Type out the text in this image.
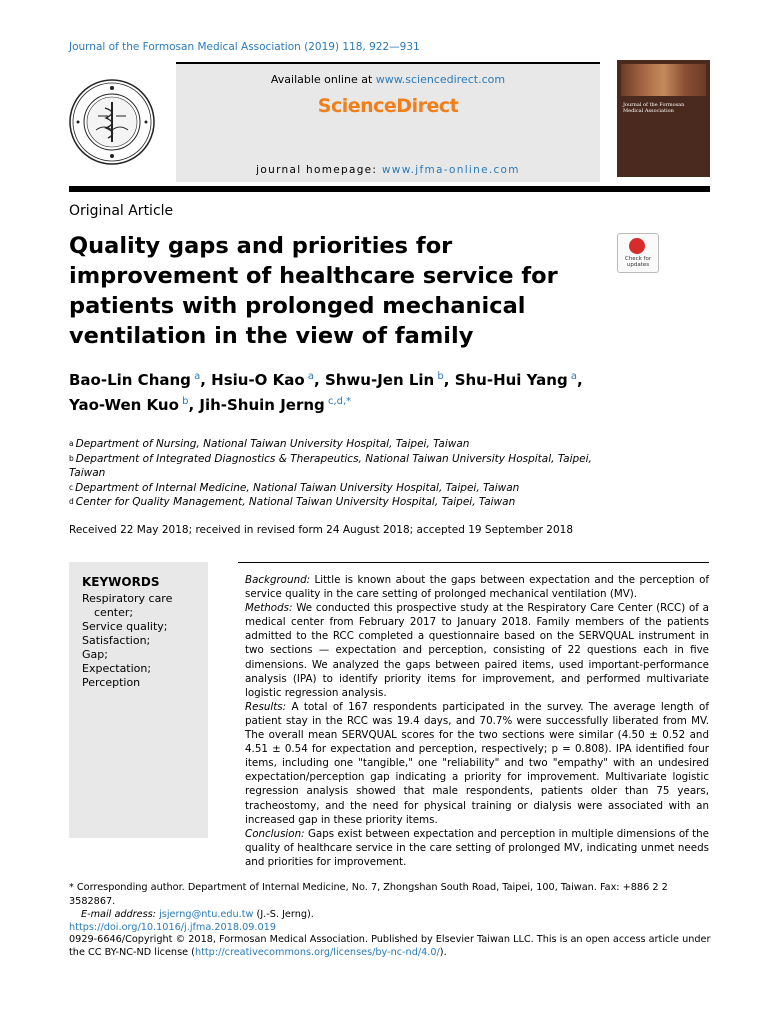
Journal of the Formosan Medical Association (2019) 118, 922—931
Available online at www.sciencedirect.com
ScienceDirect
journal homepage: www.jfma-online.com
Journal of the Formosan Medical Association
Original Article
Quality gaps and priorities for improvement of healthcare service for patients with prolonged mechanical ventilation in the view of family
Check for updates
Bao-Lin Chang $^a$, Hsiu-O Kao $^a$, Shwu-Jen Lin $^b$, Shu-Hui Yang $^a$,
Yao-Wen Kuo $^b$, Jih-Shuin Jerng $^{c,d,*}$
$^a$ Department of Nursing, National Taiwan University Hospital, Taipei, Taiwan
$^b$ Department of Integrated Diagnostics & Therapeutics, National Taiwan University Hospital, Taipei, Taiwan
$^c$ Department of Internal Medicine, National Taiwan University Hospital, Taipei, Taiwan
$^d$ Center for Quality Management, National Taiwan University Hospital, Taipei, Taiwan
Received 22 May 2018; received in revised form 24 August 2018; accepted 19 September 2018
KEYWORDS
Respiratory care center;
Service quality;
Satisfaction;
Gap;
Expectation;
Perception
Background: Little is known about the gaps between expectation and the perception of service quality in the care setting of prolonged mechanical ventilation (MV).
Methods: We conducted this prospective study at the Respiratory Care Center (RCC) of a medical center from February 2017 to January 2018. Family members of the patients admitted to the RCC completed a questionnaire based on the SERVQUAL instrument in two sections — expectation and perception, consisting of 22 questions each in five dimensions. We analyzed the gaps between paired items, used important-performance analysis (IPA) to identify priority items for improvement, and performed multivariate logistic regression analysis.
Results: A total of 167 respondents participated in the survey. The average length of patient stay in the RCC was 19.4 days, and 70.7% were successfully liberated from MV. The overall mean SERVQUAL scores for the two sections were similar (4.50 ± 0.52 and 4.51 ± 0.54 for expectation and perception, respectively; p = 0.808). IPA identified four items, including one "tangible," one "reliability" and two "empathy" with an undesired expectation/perception gap indicating a priority for improvement. Multivariate logistic regression analysis showed that male respondents, patients older than 75 years, tracheostomy, and the need for physical training or dialysis were associated with an increased gap in these priority items.
Conclusion: Gaps exist between expectation and perception in multiple dimensions of the quality of healthcare service in the care setting of prolonged MV, indicating unmet needs and priorities for improvement.
* Corresponding author. Department of Internal Medicine, No. 7, Zhongshan South Road, Taipei, 100, Taiwan. Fax: +886 2 2 3582867.
E-mail address: jsjerng@ntu.edu.tw (J.-S. Jerng).
https://doi.org/10.1016/j.jfma.2018.09.019
0929-6646/Copyright © 2018, Formosan Medical Association. Published by Elsevier Taiwan LLC. This is an open access article under the CC BY-NC-ND license (http://creativecommons.org/licenses/by-nc-nd/4.0/).
